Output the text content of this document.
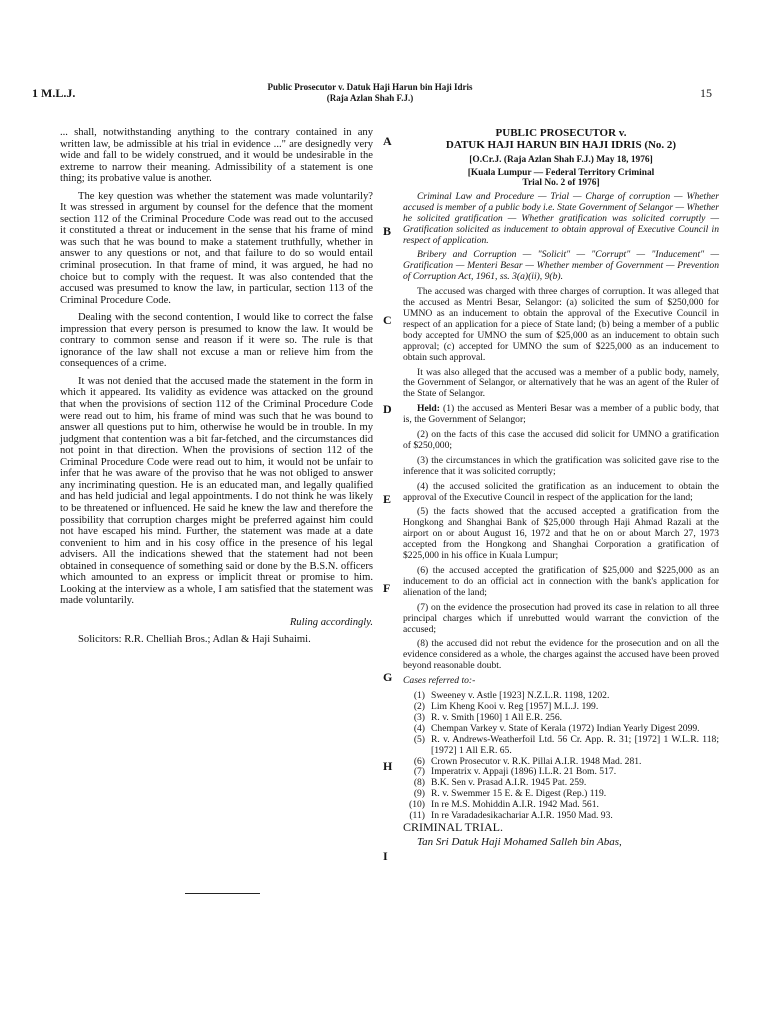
1 M.L.J.	Public Prosecutor v. Datuk Haji Harun bin Haji Idris
(Raja Azlan Shah F.J.)	15

... shall, notwithstanding anything to the contrary contained in any written law, be admissible at his trial in evidence ..." are designedly very wide and fall to be widely construed, and it would be undesirable in the extreme to narrow their meaning. Admissibility of a statement is one thing; its probative value is another.

The key question was whether the statement was made voluntarily? It was stressed in argument by counsel for the defence that the moment section 112 of the Criminal Procedure Code was read out to the accused it constituted a threat or inducement in the sense that his frame of mind was such that he was bound to make a statement truthfully, whether in answer to any questions or not, and that failure to do so would entail criminal prosecution. In that frame of mind, it was argued, he had no choice but to comply with the request. It was also contended that the accused was presumed to know the law, in particular, section 113 of the Criminal Procedure Code.

Dealing with the second contention, I would like to correct the false impression that every person is presumed to know the law. It would be contrary to common sense and reason if it were so. The rule is that ignorance of the law shall not excuse a man or relieve him from the consequences of a crime.

It was not denied that the accused made the statement in the form in which it appeared. Its validity as evidence was attacked on the ground that when the provisions of section 112 of the Criminal Procedure Code were read out to him, his frame of mind was such that he was bound to answer all questions put to him, otherwise he would be in trouble. In my judgment that contention was a bit far-fetched, and the circumstances did not point in that direction. When the provisions of section 112 of the Criminal Procedure Code were read out to him, it would not be unfair to infer that he was aware of the proviso that he was not obliged to answer any incriminating question. He is an educated man, and legally qualified and has held judicial and legal appointments. I do not think he was likely to be threatened or influenced. He said he knew the law and therefore the possibility that corruption charges might be preferred against him could not have escaped his mind. Further, the statement was made at a date convenient to him and in his cosy office in the presence of his legal advisers. All the indications shewed that the statement had not been obtained in consequence of something said or done by the B.S.N. officers which amounted to an express or implicit threat or promise to him. Looking at the interview as a whole, I am satisfied that the statement was made voluntarily.

Ruling accordingly.

Solicitors: R.R. Chelliah Bros.; Adlan & Haji Suhaimi.

A
B
C
D
E
F
G
H
I
PUBLIC PROSECUTOR v.
DATUK HAJI HARUN BIN HAJI IDRIS (No. 2)
[O.Cr.J. (Raja Azlan Shah F.J.) May 18, 1976]
[Kuala Lumpur — Federal Territory Criminal
Trial No. 2 of 1976]

Criminal Law and Procedure — Trial — Charge of corruption — Whether accused is member of a public body i.e. State Government of Selangor — Whether he solicited gratification — Whether gratification was solicited corruptly — Gratification solicited as inducement to obtain approval of Executive Council in respect of application.

Bribery and Corruption — "Solicit" — "Corrupt" — "Inducement" — Gratification — Menteri Besar — Whether member of Government — Prevention of Corruption Act, 1961, ss. 3(a)(ii), 9(b).

The accused was charged with three charges of corruption. It was alleged that the accused as Mentri Besar, Selangor: (a) solicited the sum of $250,000 for UMNO as an inducement to obtain the approval of the Executive Council in respect of an application for a piece of State land; (b) being a member of a public body accepted for UMNO the sum of $25,000 as an inducement to obtain such approval; (c) accepted for UMNO the sum of $225,000 as an inducement to obtain such approval.

It was also alleged that the accused was a member of a public body, namely, the Government of Selangor, or alternatively that he was an agent of the Ruler of the State of Selangor.

Held: (1) the accused as Menteri Besar was a member of a public body, that is, the Government of Selangor;

(2) on the facts of this case the accused did solicit for UMNO a gratification of $250,000;

(3) the circumstances in which the gratification was solicited gave rise to the inference that it was solicited corruptly;

(4) the accused solicited the gratification as an inducement to obtain the approval of the Executive Council in respect of the application for the land;

(5) the facts showed that the accused accepted a gratification from the Hongkong and Shanghai Bank of $25,000 through Haji Ahmad Razali at the airport on or about August 16, 1972 and that he on or about March 27, 1973 accepted from the Hongkong and Shanghai Corporation a gratification of $225,000 in his office in Kuala Lumpur;

(6) the accused accepted the gratification of $25,000 and $225,000 as an inducement to do an official act in connection with the bank's application for alienation of the land;

(7) on the evidence the prosecution had proved its case in relation to all three principal charges which if unrebutted would warrant the conviction of the accused;

(8) the accused did not rebut the evidence for the prosecution and on all the evidence considered as a whole, the charges against the accused have been proved beyond reasonable doubt.

Cases referred to:-

(1) Sweeney v. Astle [1923] N.Z.L.R. 1198, 1202.
(2) Lim Kheng Kooi v. Reg [1957] M.L.J. 199.
(3) R. v. Smith [1960] 1 All E.R. 256.
(4) Chempan Varkey v. State of Kerala (1972) Indian Yearly Digest 2099.
(5) R. v. Andrews-Weatherfoil Ltd. 56 Cr. App. R. 31; [1972] 1 W.L.R. 118; [1972] 1 All E.R. 65.
(6) Crown Prosecutor v. R.K. Pillai A.I.R. 1948 Mad. 281.
(7) Imperatrix v. Appaji (1896) I.L.R. 21 Bom. 517.
(8) B.K. Sen v. Prasad A.I.R. 1945 Pat. 259.
(9) R. v. Swemmer 15 E. & E. Digest (Rep.) 119.
(10) In re M.S. Mohiddin A.I.R. 1942 Mad. 561.
(11) In re Varadadesikachariar A.I.R. 1950 Mad. 93.

CRIMINAL TRIAL.

Tan Sri Datuk Haji Mohamed Salleh bin Abas,
